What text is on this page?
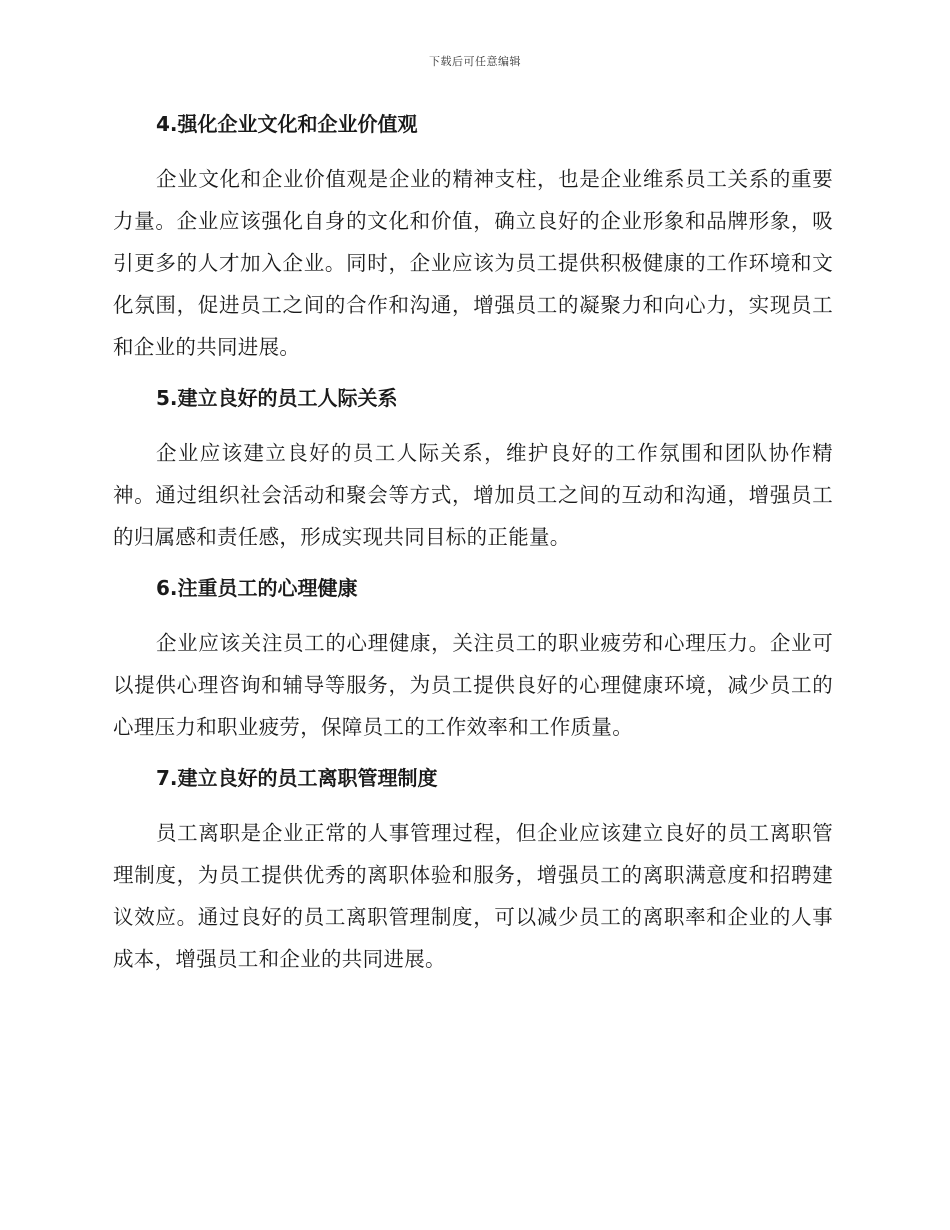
下载后可任意编辑
4.强化企业文化和企业价值观

企业文化和企业价值观是企业的精神支柱，也是企业维系员工关系的重要力量。企业应该强化自身的文化和价值，确立良好的企业形象和品牌形象，吸引更多的人才加入企业。同时，企业应该为员工提供积极健康的工作环境和文化氛围，促进员工之间的合作和沟通，增强员工的凝聚力和向心力，实现员工和企业的共同进展。

5.建立良好的员工人际关系

企业应该建立良好的员工人际关系，维护良好的工作氛围和团队协作精神。通过组织社会活动和聚会等方式，增加员工之间的互动和沟通，增强员工的归属感和责任感，形成实现共同目标的正能量。

6.注重员工的心理健康

企业应该关注员工的心理健康，关注员工的职业疲劳和心理压力。企业可以提供心理咨询和辅导等服务，为员工提供良好的心理健康环境，减少员工的心理压力和职业疲劳，保障员工的工作效率和工作质量。

7.建立良好的员工离职管理制度

员工离职是企业正常的人事管理过程，但企业应该建立良好的员工离职管理制度，为员工提供优秀的离职体验和服务，增强员工的离职满意度和招聘建议效应。通过良好的员工离职管理制度，可以减少员工的离职率和企业的人事成本，增强员工和企业的共同进展。
